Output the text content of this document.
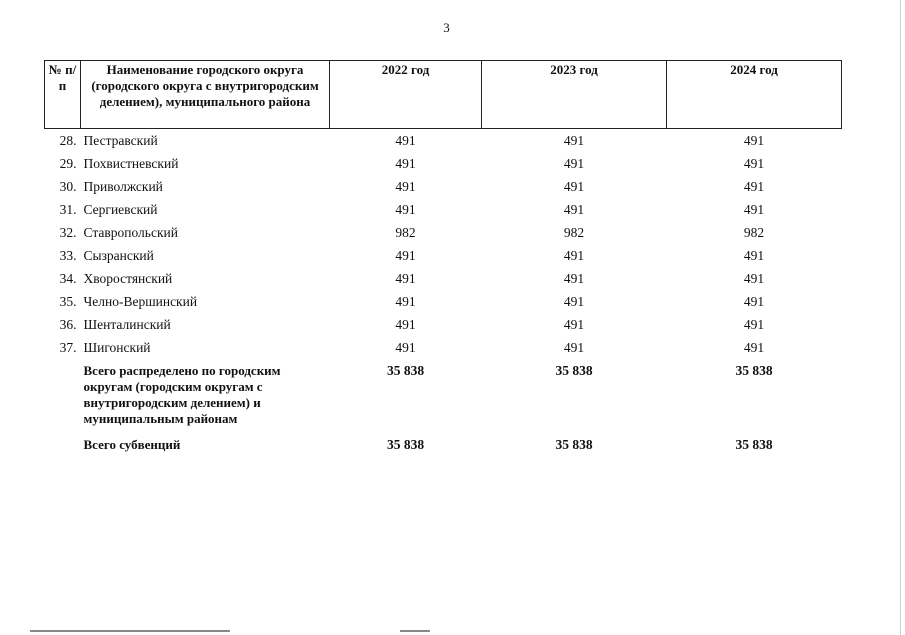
3
№ п/п	Наименование городского округа (городского округа с внутригородским делением), муниципального района	2022 год	2023 год	2024 год
28.	Пестравский	491	491	491
29.	Похвистневский	491	491	491
30.	Приволжский	491	491	491
31.	Сергиевский	491	491	491
32.	Ставропольский	982	982	982
33.	Сызранский	491	491	491
34.	Хворостянский	491	491	491
35.	Челно-Вершинский	491	491	491
36.	Шенталинский	491	491	491
37.	Шигонский	491	491	491
	Всего распределено по городским округам (городским округам с внутригородским делением) и муниципальным районам	35 838	35 838	35 838
	Всего субвенций	35 838	35 838	35 838
